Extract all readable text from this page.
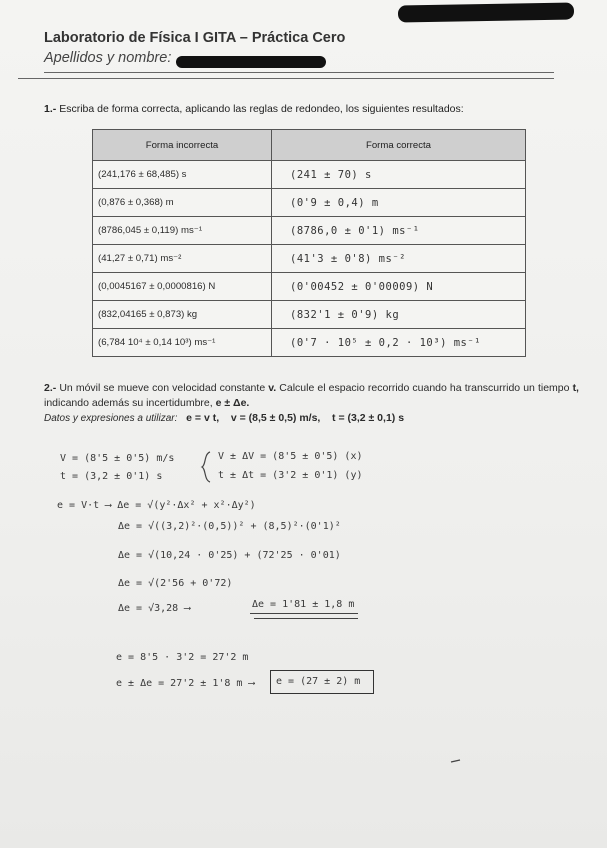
Laboratorio de Física I GITA – Práctica Cero
Apellidos y nombre:
1.- Escriba de forma correcta, aplicando las reglas de redondeo, los siguientes resultados:
Forma incorrecta	Forma correcta
(241,176 ± 68,485) s	(241 ± 70) s
(0,876 ± 0,368) m	(0'9 ± 0,4) m
(8786,045 ± 0,119) ms⁻¹	(8786,0 ± 0'1) ms⁻¹
(41,27 ± 0,71) ms⁻²	(41'3 ± 0'8) ms⁻²
(0,0045167 ± 0,0000816) N	(0'00452 ± 0'00009) N
(832,04165 ± 0,873) kg	(832'1 ± 0'9) kg
(6,784 10⁴ ± 0,14 10³) ms⁻¹	(0'7 · 10⁵ ± 0,2 · 10³) ms⁻¹
2.- Un móvil se mueve con velocidad constante v. Calcule el espacio recorrido cuando ha transcurrido un tiempo t, indicando además su incertidumbre, e ± Δe.
Datos y expresiones a utilizar: e = v t, v = (8,5 ± 0,5) m/s, t = (3,2 ± 0,1) s
V = (8'5 ± 0'5) m/s	V ± ΔV = (8'5 ± 0'5) (x)
t = (3,2 ± 0'1) s	t ± Δt = (3'2 ± 0'1) (y)
e = V·t ⟶ Δe = √(y²·Δx² + x²·Δy²)
Δe = √((3,2)²·(0,5))² + (8,5)²·(0'1)²
Δe = √(10,24 · 0'25) + (72'25 · 0'01)
Δe = √(2'56 + 0'72)
Δe = √3,28 ⟶	Δe = 1'81 ± 1,8 m
e = 8'5 · 3'2 = 27'2 m
e ± Δe = 27'2 ± 1'8 m ⟶ e = (27 ± 2) m
